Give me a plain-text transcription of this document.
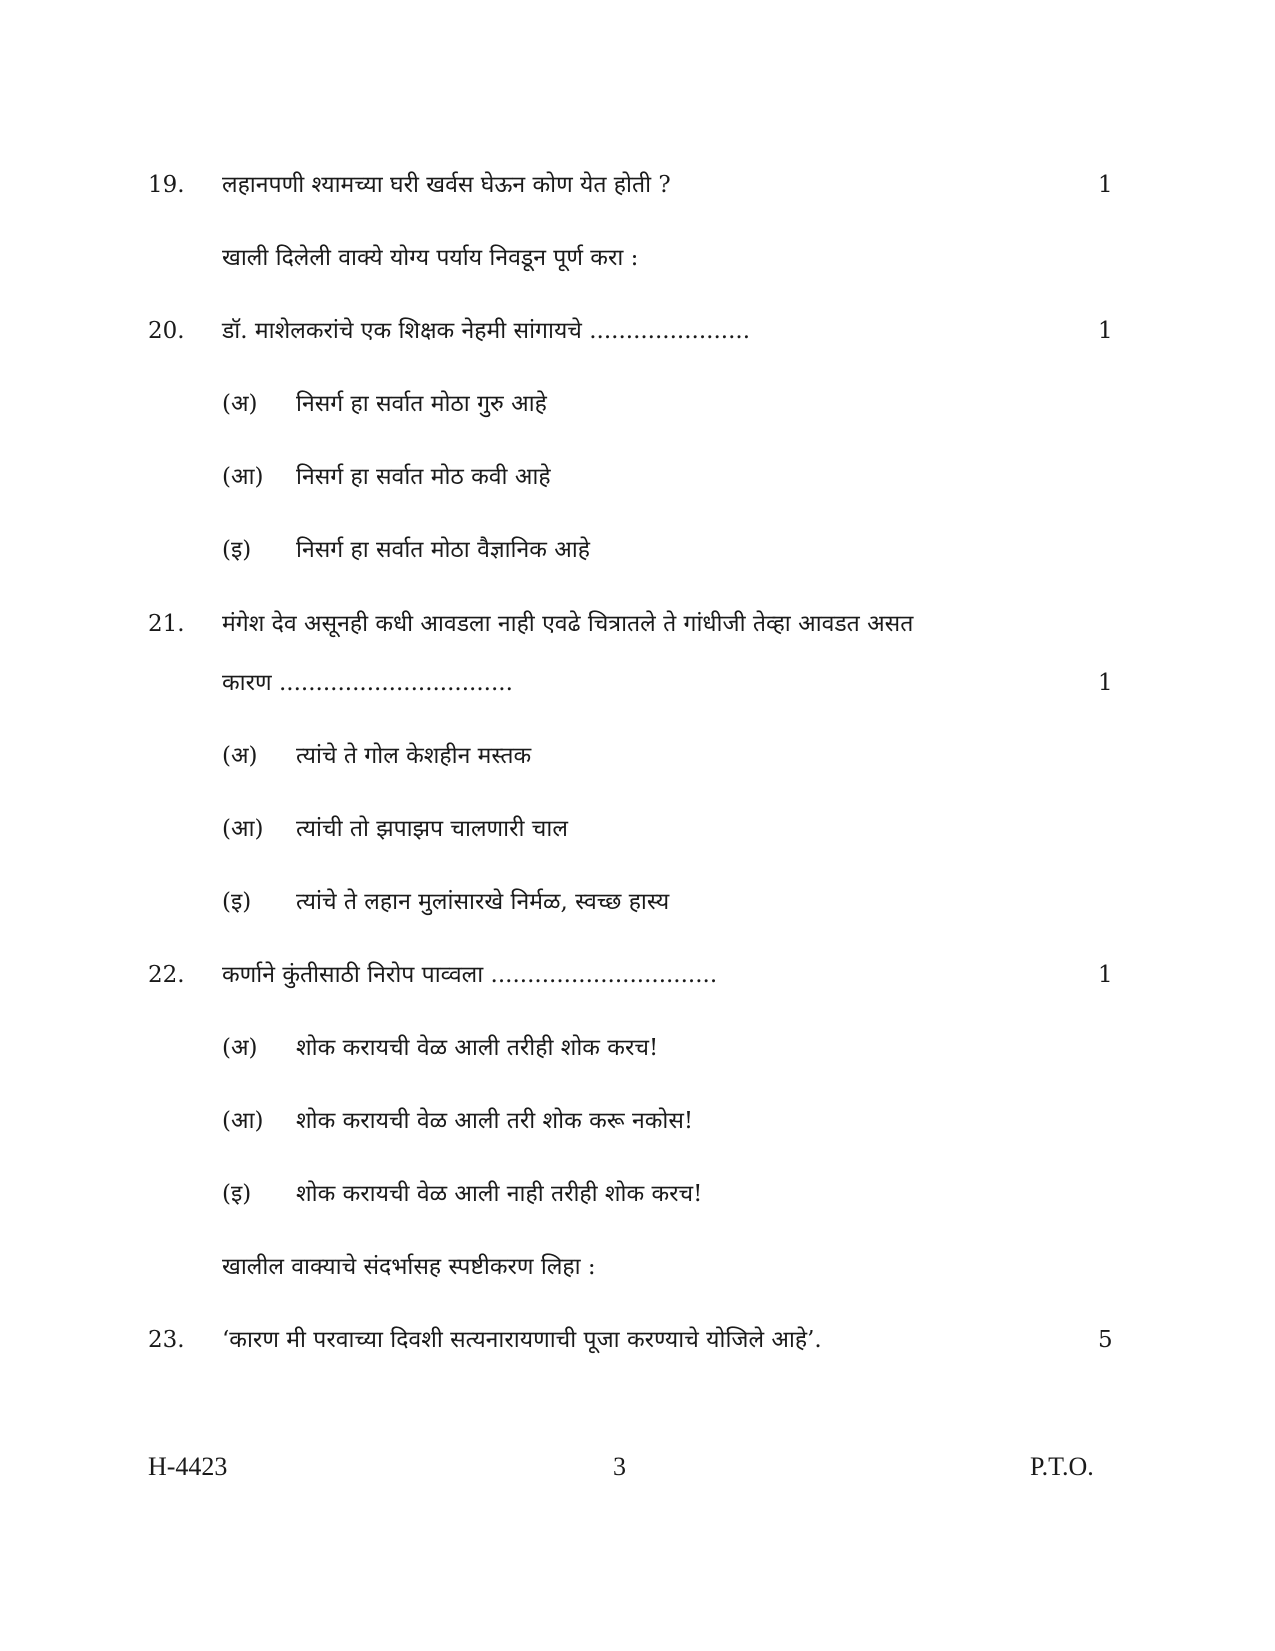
19. लहानपणी श्यामच्या घरी खर्वस घेऊन कोण येत होती ?	1
खाली दिलेली वाक्ये योग्य पर्याय निवडून पूर्ण करा :
20. डॉ. माशेलकरांचे एक शिक्षक नेहमी सांगायचे ......................	1
(अ) निसर्ग हा सर्वात मोठा गुरु आहे
(आ) निसर्ग हा सर्वात मोठ कवी आहे
(इ) निसर्ग हा सर्वात मोठा वैज्ञानिक आहे
21. मंगेश देव असूनही कधी आवडला नाही एवढे चित्रातले ते गांधीजी तेव्हा आवडत असत
कारण ................................	1
(अ) त्यांचे ते गोल केशहीन मस्तक
(आ) त्यांची तो झपाझप चालणारी चाल
(इ) त्यांचे ते लहान मुलांसारखे निर्मळ, स्वच्छ हास्य
22. कर्णाने कुंतीसाठी निरोप पाव्वला ...............................	1
(अ) शोक करायची वेळ आली तरीही शोक करच!
(आ) शोक करायची वेळ आली तरी शोक करू नकोस!
(इ) शोक करायची वेळ आली नाही तरीही शोक करच!
खालील वाक्याचे संदर्भासह स्पष्टीकरण लिहा :
23. ‘कारण मी परवाच्या दिवशी सत्यनारायणाची पूजा करण्याचे योजिले आहे’.	5
H-4423	3	P.T.O.
